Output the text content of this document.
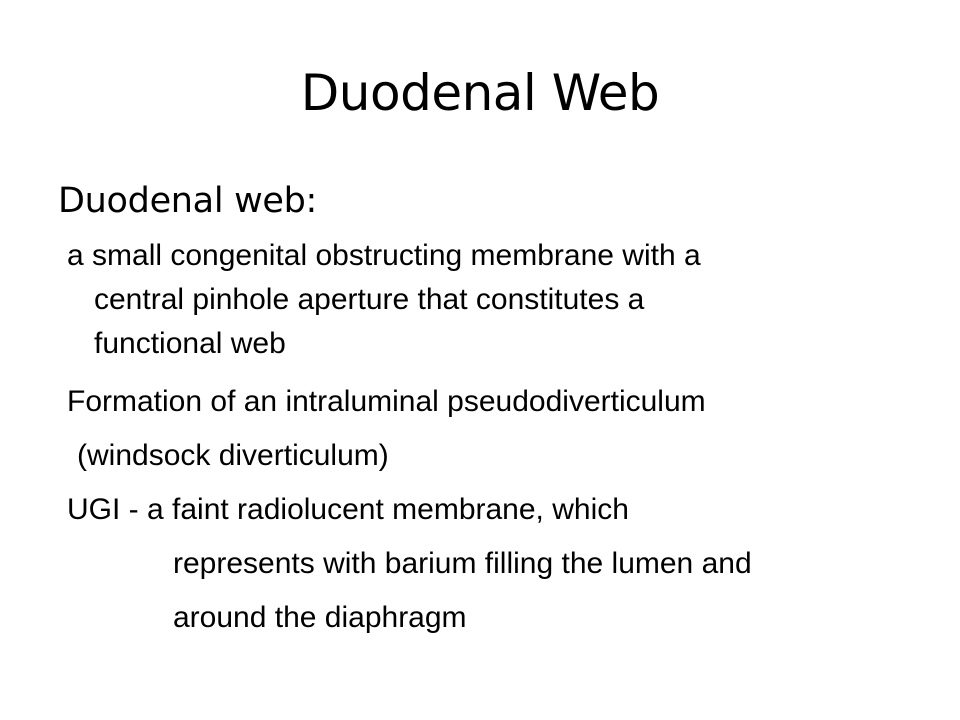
Duodenal Web
Duodenal web:
a small congenital obstructing membrane with a
central pinhole aperture that constitutes a
functional web
Formation of an intraluminal pseudodiverticulum
(windsock diverticulum)
UGI - a faint radiolucent membrane, which
represents with barium filling the lumen and
around the diaphragm
